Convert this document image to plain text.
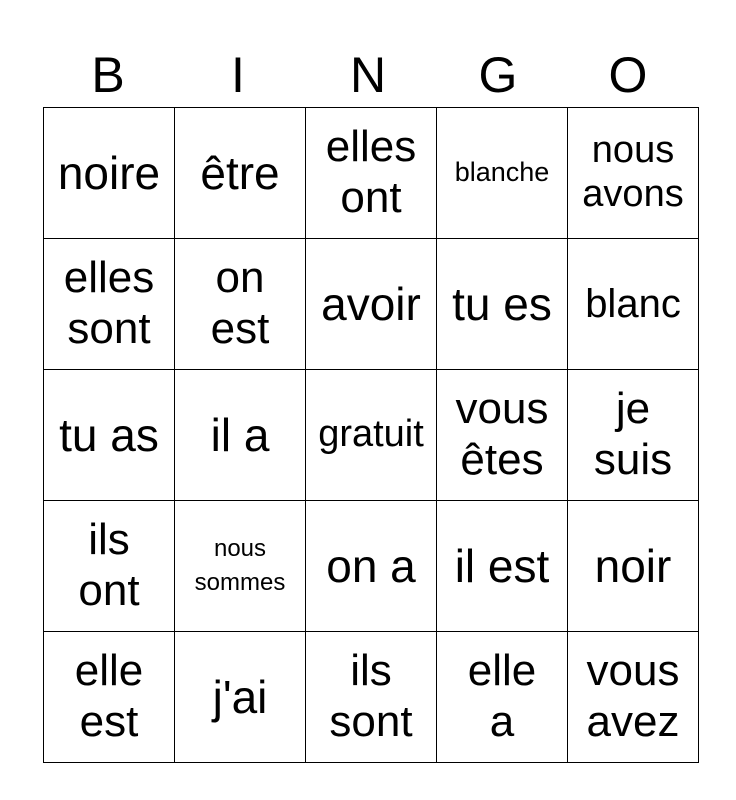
B	I	N	G	O
noire	être	elles ont	blanche	nous avons
elles sont	on est	avoir	tu es	blanc
tu as	il a	gratuit	vous êtes	je suis
ils ont	nous sommes	on a	il est	noir
elle est	j'ai	ils sont	elle a	vous avez
